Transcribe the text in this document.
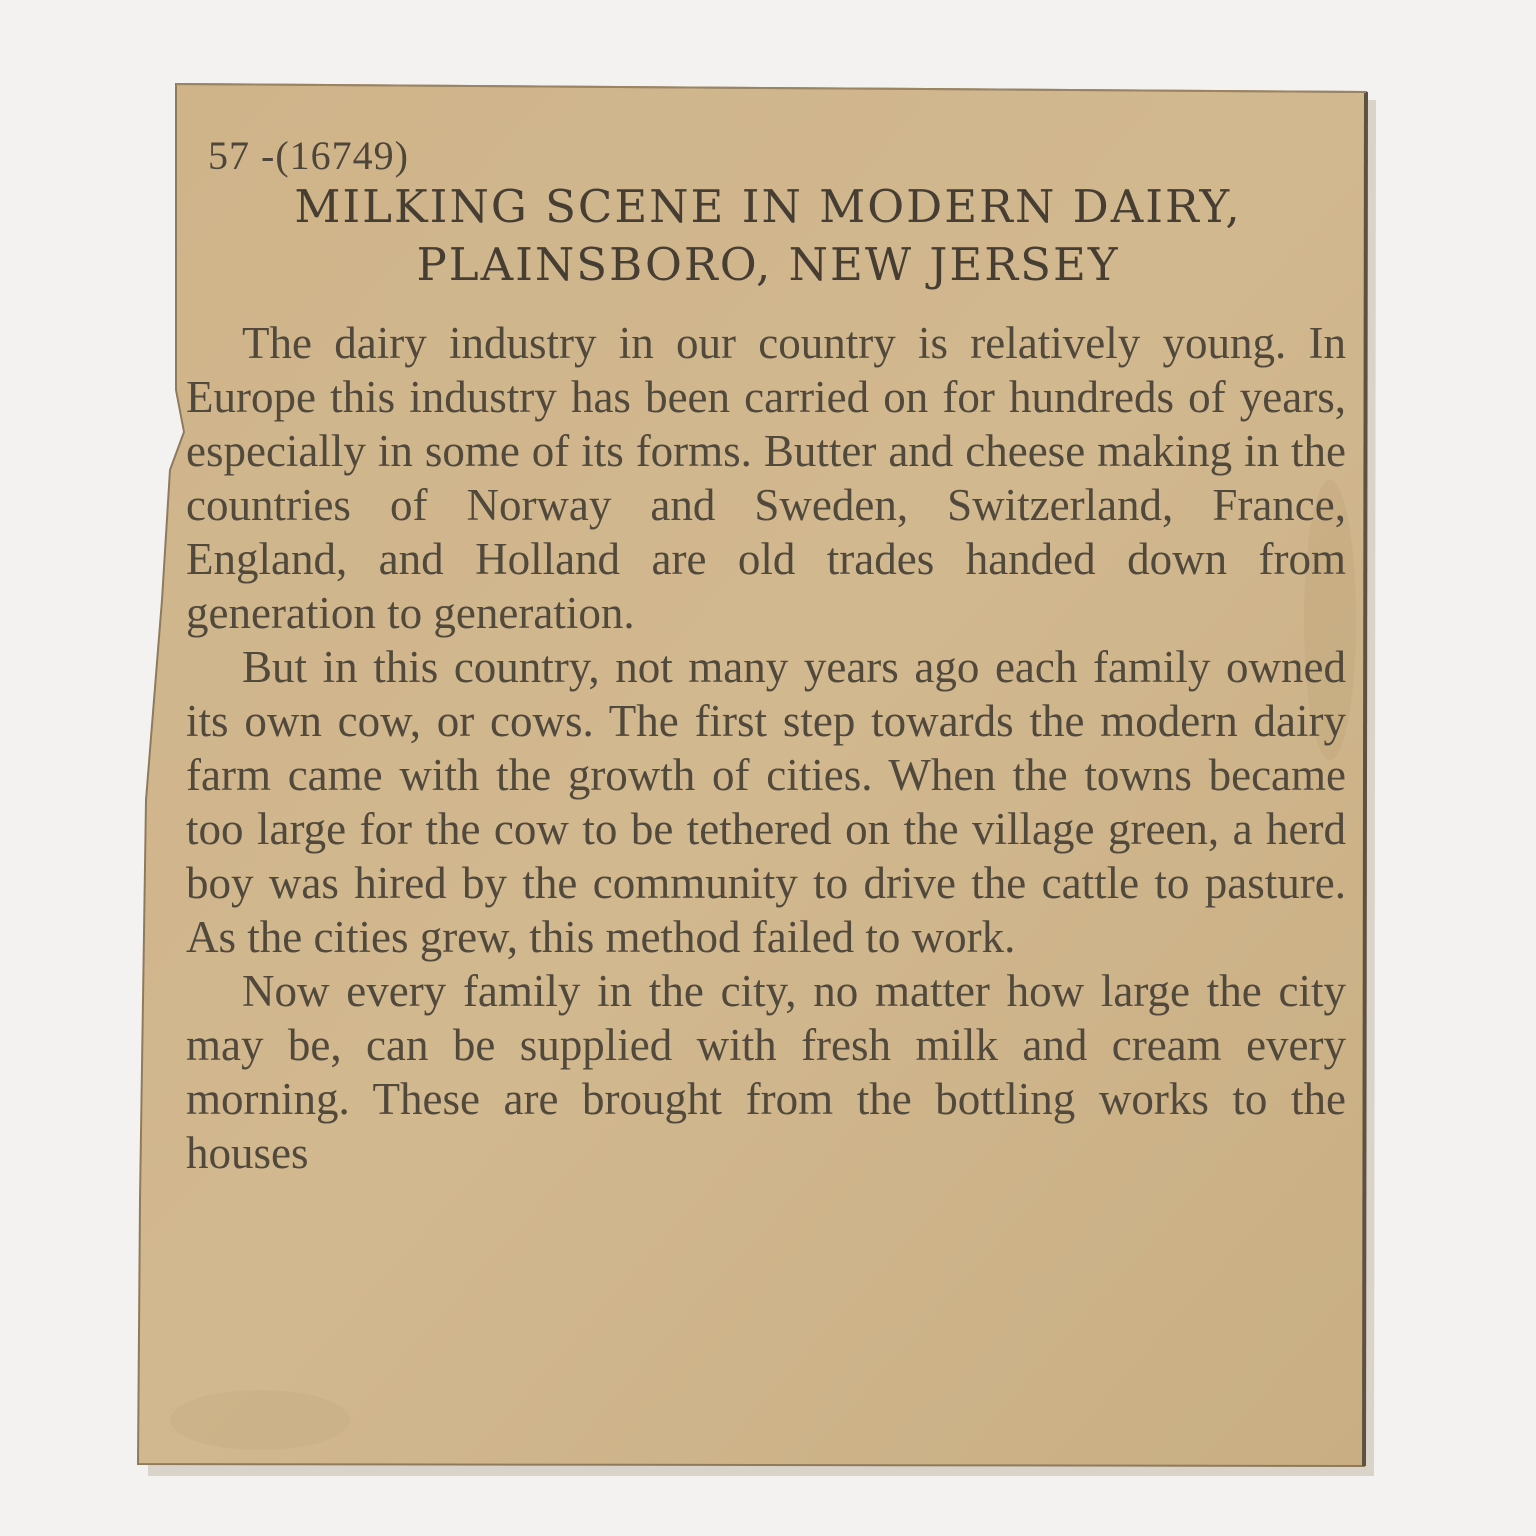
57 -(16749)
MILKING SCENE IN MODERN DAIRY,
PLAINSBORO, NEW JERSEY

The dairy industry in our country is relatively young. In Europe this industry has been carried on for hundreds of years, especially in some of its forms. Butter and cheese making in the countries of Norway and Sweden, Switzerland, France, England, and Holland are old trades handed down from generation to generation.

But in this country, not many years ago each family owned its own cow, or cows. The first step towards the modern dairy farm came with the growth of cities. When the towns became too large for the cow to be tethered on the village green, a herd boy was hired by the community to drive the cattle to pasture. As the cities grew, this method failed to work.

Now every family in the city, no matter how large the city may be, can be supplied with fresh milk and cream every morning. These are brought from the bottling works to the houses
